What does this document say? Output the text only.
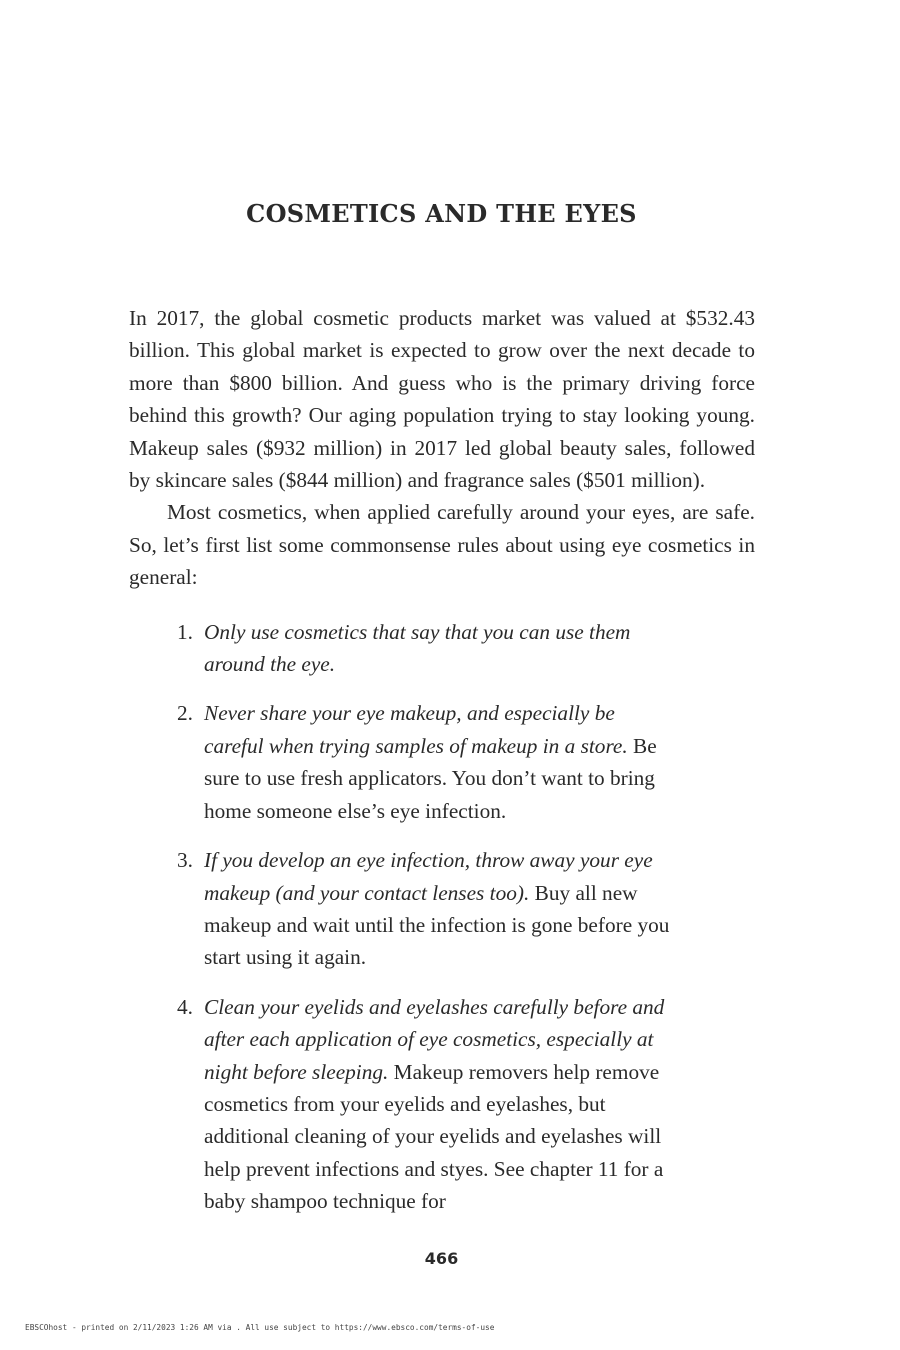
COSMETICS AND THE EYES

In 2017, the global cosmetic products market was valued at $532.43 billion. This global market is expected to grow over the next decade to more than $800 billion. And guess who is the primary driving force behind this growth? Our aging population trying to stay looking young. Makeup sales ($932 million) in 2017 led global beauty sales, followed by skincare sales ($844 million) and fragrance sales ($501 million).

Most cosmetics, when applied carefully around your eyes, are safe. So, let’s first list some commonsense rules about using eye cosmetics in general:

1. Only use cosmetics that say that you can use them around the eye.
2. Never share your eye makeup, and especially be careful when trying samples of makeup in a store. Be sure to use fresh applicators. You don’t want to bring home someone else’s eye infection.
3. If you develop an eye infection, throw away your eye makeup (and your contact lenses too). Buy all new makeup and wait until the infection is gone before you start using it again.
4. Clean your eyelids and eyelashes carefully before and after each application of eye cosmetics, especially at night before sleeping. Makeup removers help remove cosmetics from your eyelids and eyelashes, but additional cleaning of your eyelids and eyelashes will help prevent infections and styes. See chapter 11 for a baby shampoo technique for
466
EBSCOhost - printed on 2/11/2023 1:26 AM via . All use subject to https://www.ebsco.com/terms-of-use
